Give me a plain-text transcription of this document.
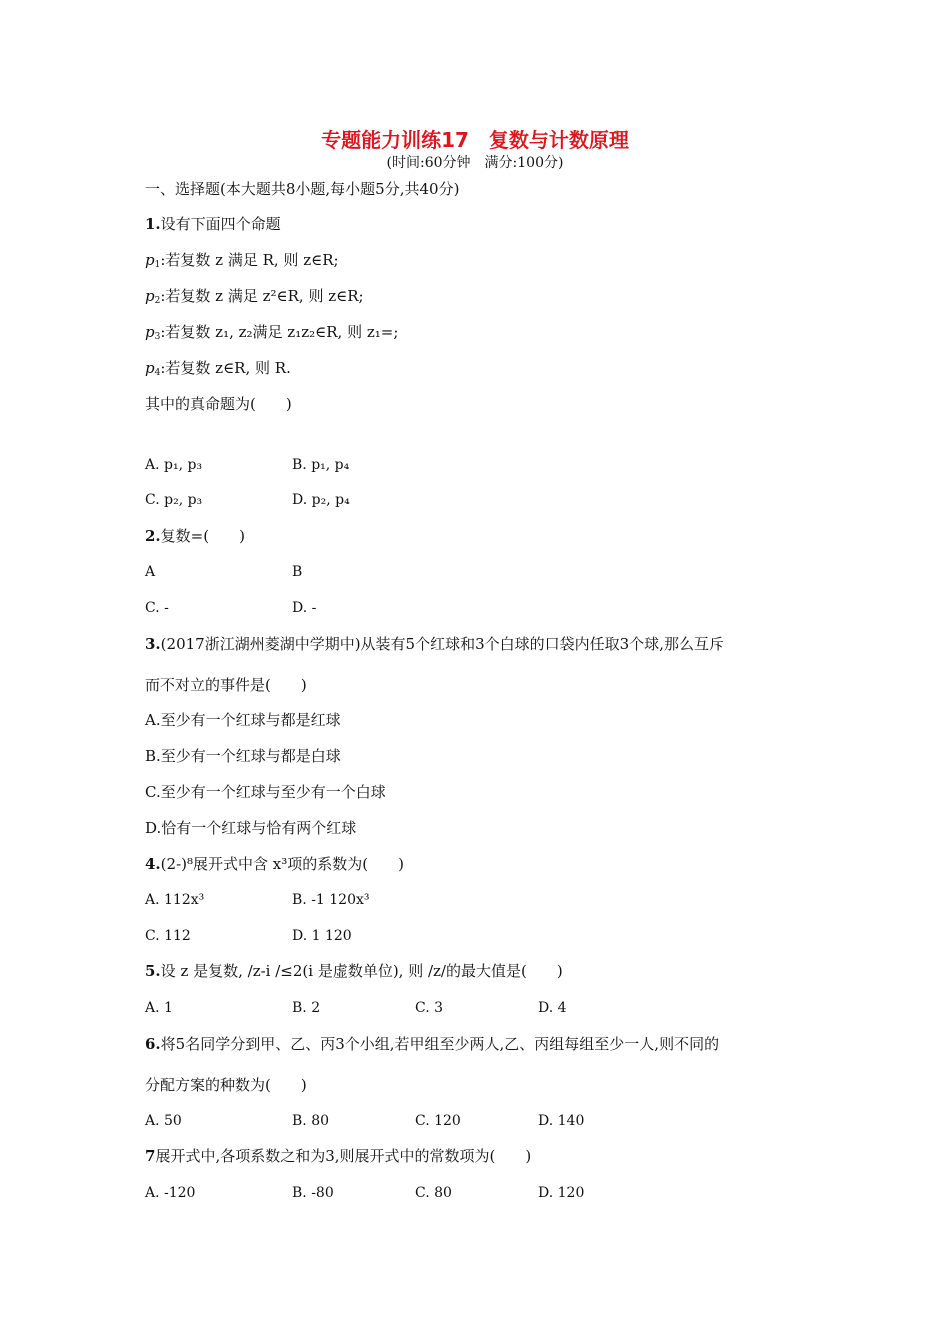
专题能力训练17　复数与计数原理
(时间:60分钟　满分:100分)
一、选择题(本大题共8小题,每小题5分,共40分)
1.设有下面四个命题
$p_1$:若复数 z 满足 R, 则 z∈R;
$p_2$:若复数 z 满足 z²∈R, 则 z∈R;
$p_3$:若复数 z₁, z₂满足 z₁z₂∈R, 则 z₁=;
$p_4$:若复数 z∈R, 则 R.
其中的真命题为(　　)
A. p₁, p₃	B. p₁, p₄
C. p₂, p₃	D. p₂, p₄
2.复数=(　　)
A	B
C. -	D. -
3.(2017浙江湖州菱湖中学期中)从装有5个红球和3个白球的口袋内任取3个球,那么互斥
而不对立的事件是(　　)
A.至少有一个红球与都是红球
B.至少有一个红球与都是白球
C.至少有一个红球与至少有一个白球
D.恰有一个红球与恰有两个红球
4.(2-)⁸展开式中含 x³项的系数为(　　)
A. 112x³	B. -1 120x³
C. 112	D. 1 120
5.设 z 是复数, /z-i /≤2(i 是虚数单位), 则 /z/的最大值是(　　)
A. 1	B. 2	C. 3	D. 4
6.将5名同学分到甲、乙、丙3个小组,若甲组至少两人,乙、丙组每组至少一人,则不同的
分配方案的种数为(　　)
A. 50	B. 80	C. 120	D. 140
7展开式中,各项系数之和为3,则展开式中的常数项为(　　)
A. -120	B. -80	C. 80	D. 120
